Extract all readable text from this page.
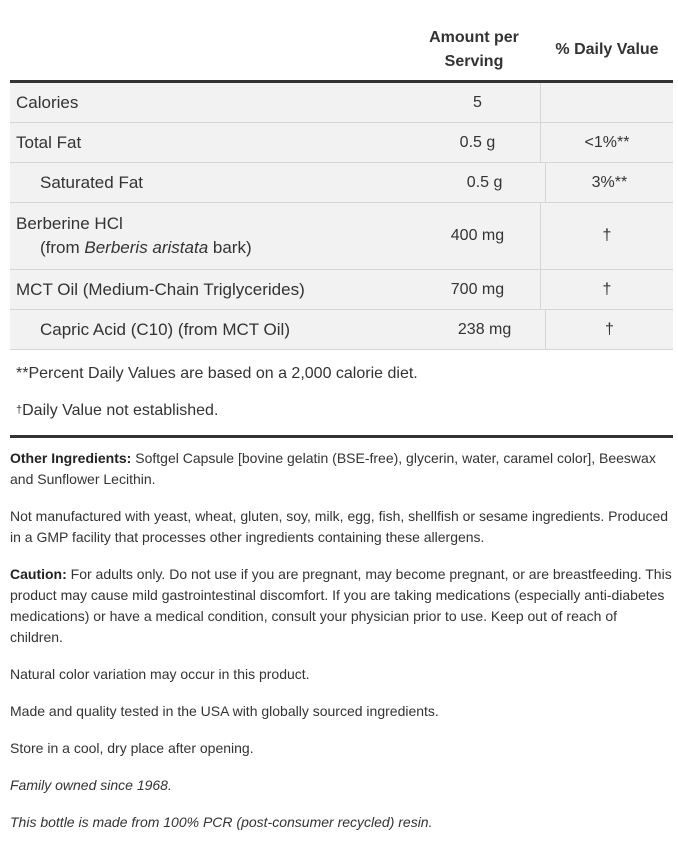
Amount per Serving
% Daily Value
Calories	5
Total Fat	0.5 g	<1%**
Saturated Fat	0.5 g	3%**
Berberine HCl
(from Berberis aristata bark)
400 mg	†
MCT Oil (Medium-Chain Triglycerides)	700 mg	†
Capric Acid (C10) (from MCT Oil)	238 mg	†
**Percent Daily Values are based on a 2,000 calorie diet.
†Daily Value not established.

Other Ingredients: Softgel Capsule [bovine gelatin (BSE-free), glycerin, water, caramel color], Beeswax and Sunflower Lecithin.

Not manufactured with yeast, wheat, gluten, soy, milk, egg, fish, shellfish or sesame ingredients. Produced in a GMP facility that processes other ingredients containing these allergens.

Caution: For adults only. Do not use if you are pregnant, may become pregnant, or are breastfeeding. This product may cause mild gastrointestinal discomfort. If you are taking medications (especially anti-diabetes medications) or have a medical condition, consult your physician prior to use. Keep out of reach of children.

Natural color variation may occur in this product.

Made and quality tested in the USA with globally sourced ingredients.

Store in a cool, dry place after opening.

Family owned since 1968.

This bottle is made from 100% PCR (post-consumer recycled) resin.
